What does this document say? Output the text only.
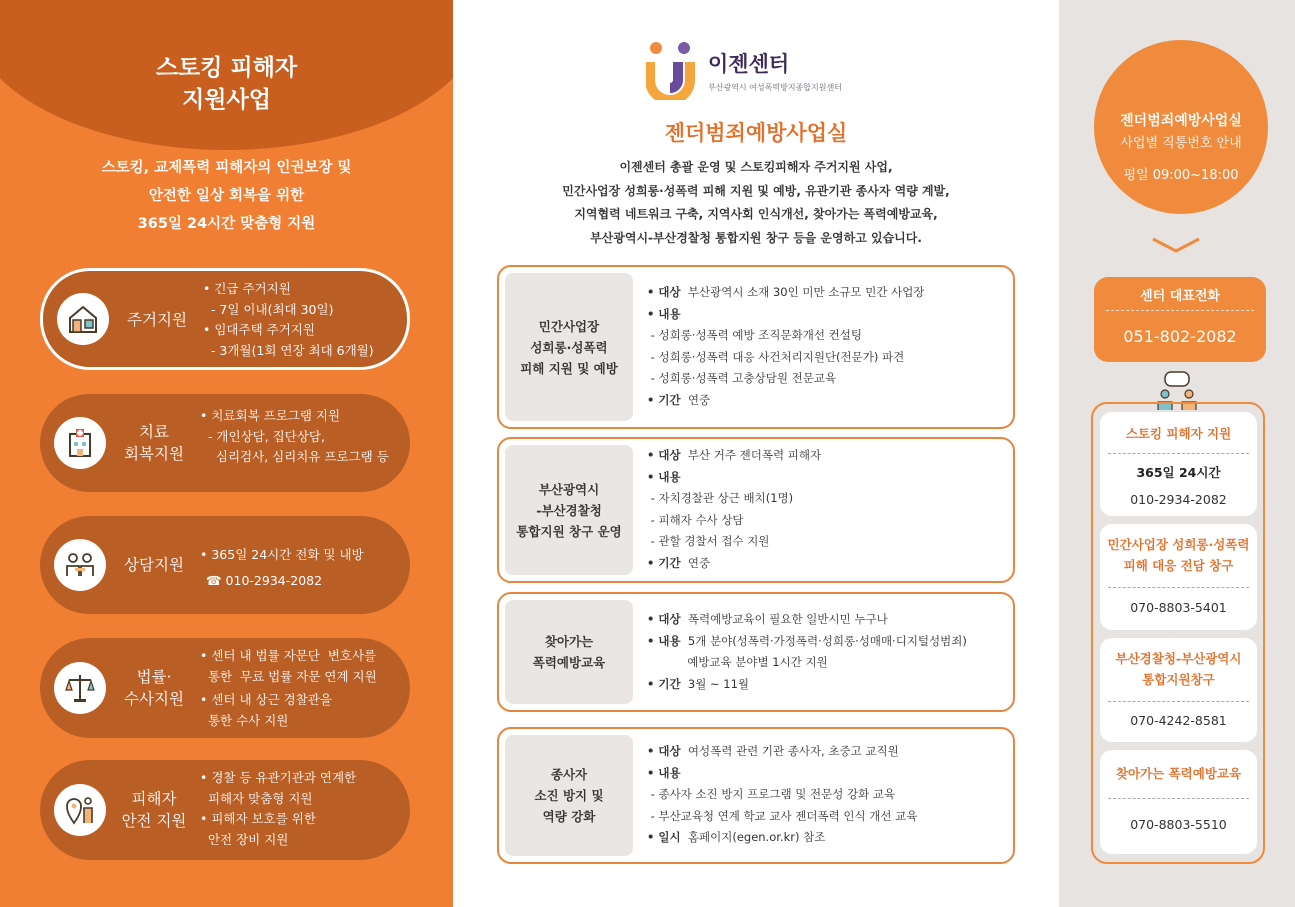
스토킹 피해자
지원사업
스토킹, 교제폭력 피해자의 인권보장 및
안전한 일상 회복을 위한
365일 24시간 맞춤형 지원
주거지원
• 긴급 주거지원
- 7일 이내(최대 30일)
• 임대주택 주거지원
- 3개월(1회 연장 최대 6개월)
치료
회복지원
• 치료회복 프로그램 지원
- 개인상담, 집단상담,
심리검사, 심리치유 프로그램 등
상담지원
• 365일 24시간 전화 및 내방
☎ 010-2934-2082
법률·
수사지원
• 센터 내 법률 자문단  변호사를
통한  무료 법률 자문 연계 지원
• 센터 내 상근 경찰관을
통한 수사 지원
피해자
안전 지원
• 경찰 등 유관기관과 연계한
피해자 맞춤형 지원
• 피해자 보호를 위한
안전 장비 지원
이젠센터
부산광역시 여성폭력방지종합지원센터
젠더범죄예방사업실
이젠센터 총괄 운영 및 스토킹피해자 주거지원 사업,
민간사업장 성희롱·성폭력 피해 지원 및 예방, 유관기관 종사자 역량 계발,
지역협력 네트워크 구축, 지역사회 인식개선, 찾아가는 폭력예방교육,
부산광역시-부산경찰청 통합지원 창구 등을 운영하고 있습니다.
민간사업장
성희롱·성폭력
피해 지원 및 예방
• 대상 부산광역시 소재 30인 미만 소규모 민간 사업장
• 내용
- 성희롱·성폭력 예방 조직문화개선 컨설팅
- 성희롱·성폭력 대응 사건처리지원단(전문가) 파견
- 성희롱·성폭력 고충상담원 전문교육
• 기간 연중
부산광역시
-부산경찰청
통합지원 창구 운영
• 대상 부산 거주 젠더폭력 피해자
• 내용
- 자치경찰관 상근 배치(1명)
- 피해자 수사 상담
- 관할 경찰서 접수 지원
• 기간 연중
찾아가는
폭력예방교육
• 대상 폭력예방교육이 필요한 일반시민 누구나
• 내용 5개 분야(성폭력·가정폭력·성희롱·성매매·디지털성범죄)
예방교육 분야별 1시간 지원
• 기간 3월 ~ 11월
종사자
소진 방지 및
역량 강화
• 대상 여성폭력 관련 기관 종사자, 초중고 교직원
• 내용
- 종사자 소진 방지 프로그램 및 전문성 강화 교육
- 부산교육청 연계 학교 교사 젠더폭력 인식 개선 교육
• 일시 홈페이지(egen.or.kr) 참조
젠더범죄예방사업실
사업별 직통번호 안내
평일 09:00~18:00
센터 대표전화
051-802-2082
스토킹 피해자 지원
365일 24시간
010-2934-2082
민간사업장 성희롱·성폭력
피해 대응 전담 창구
070-8803-5401
부산경찰청-부산광역시
통합지원창구
070-4242-8581
찾아가는 폭력예방교육
070-8803-5510
